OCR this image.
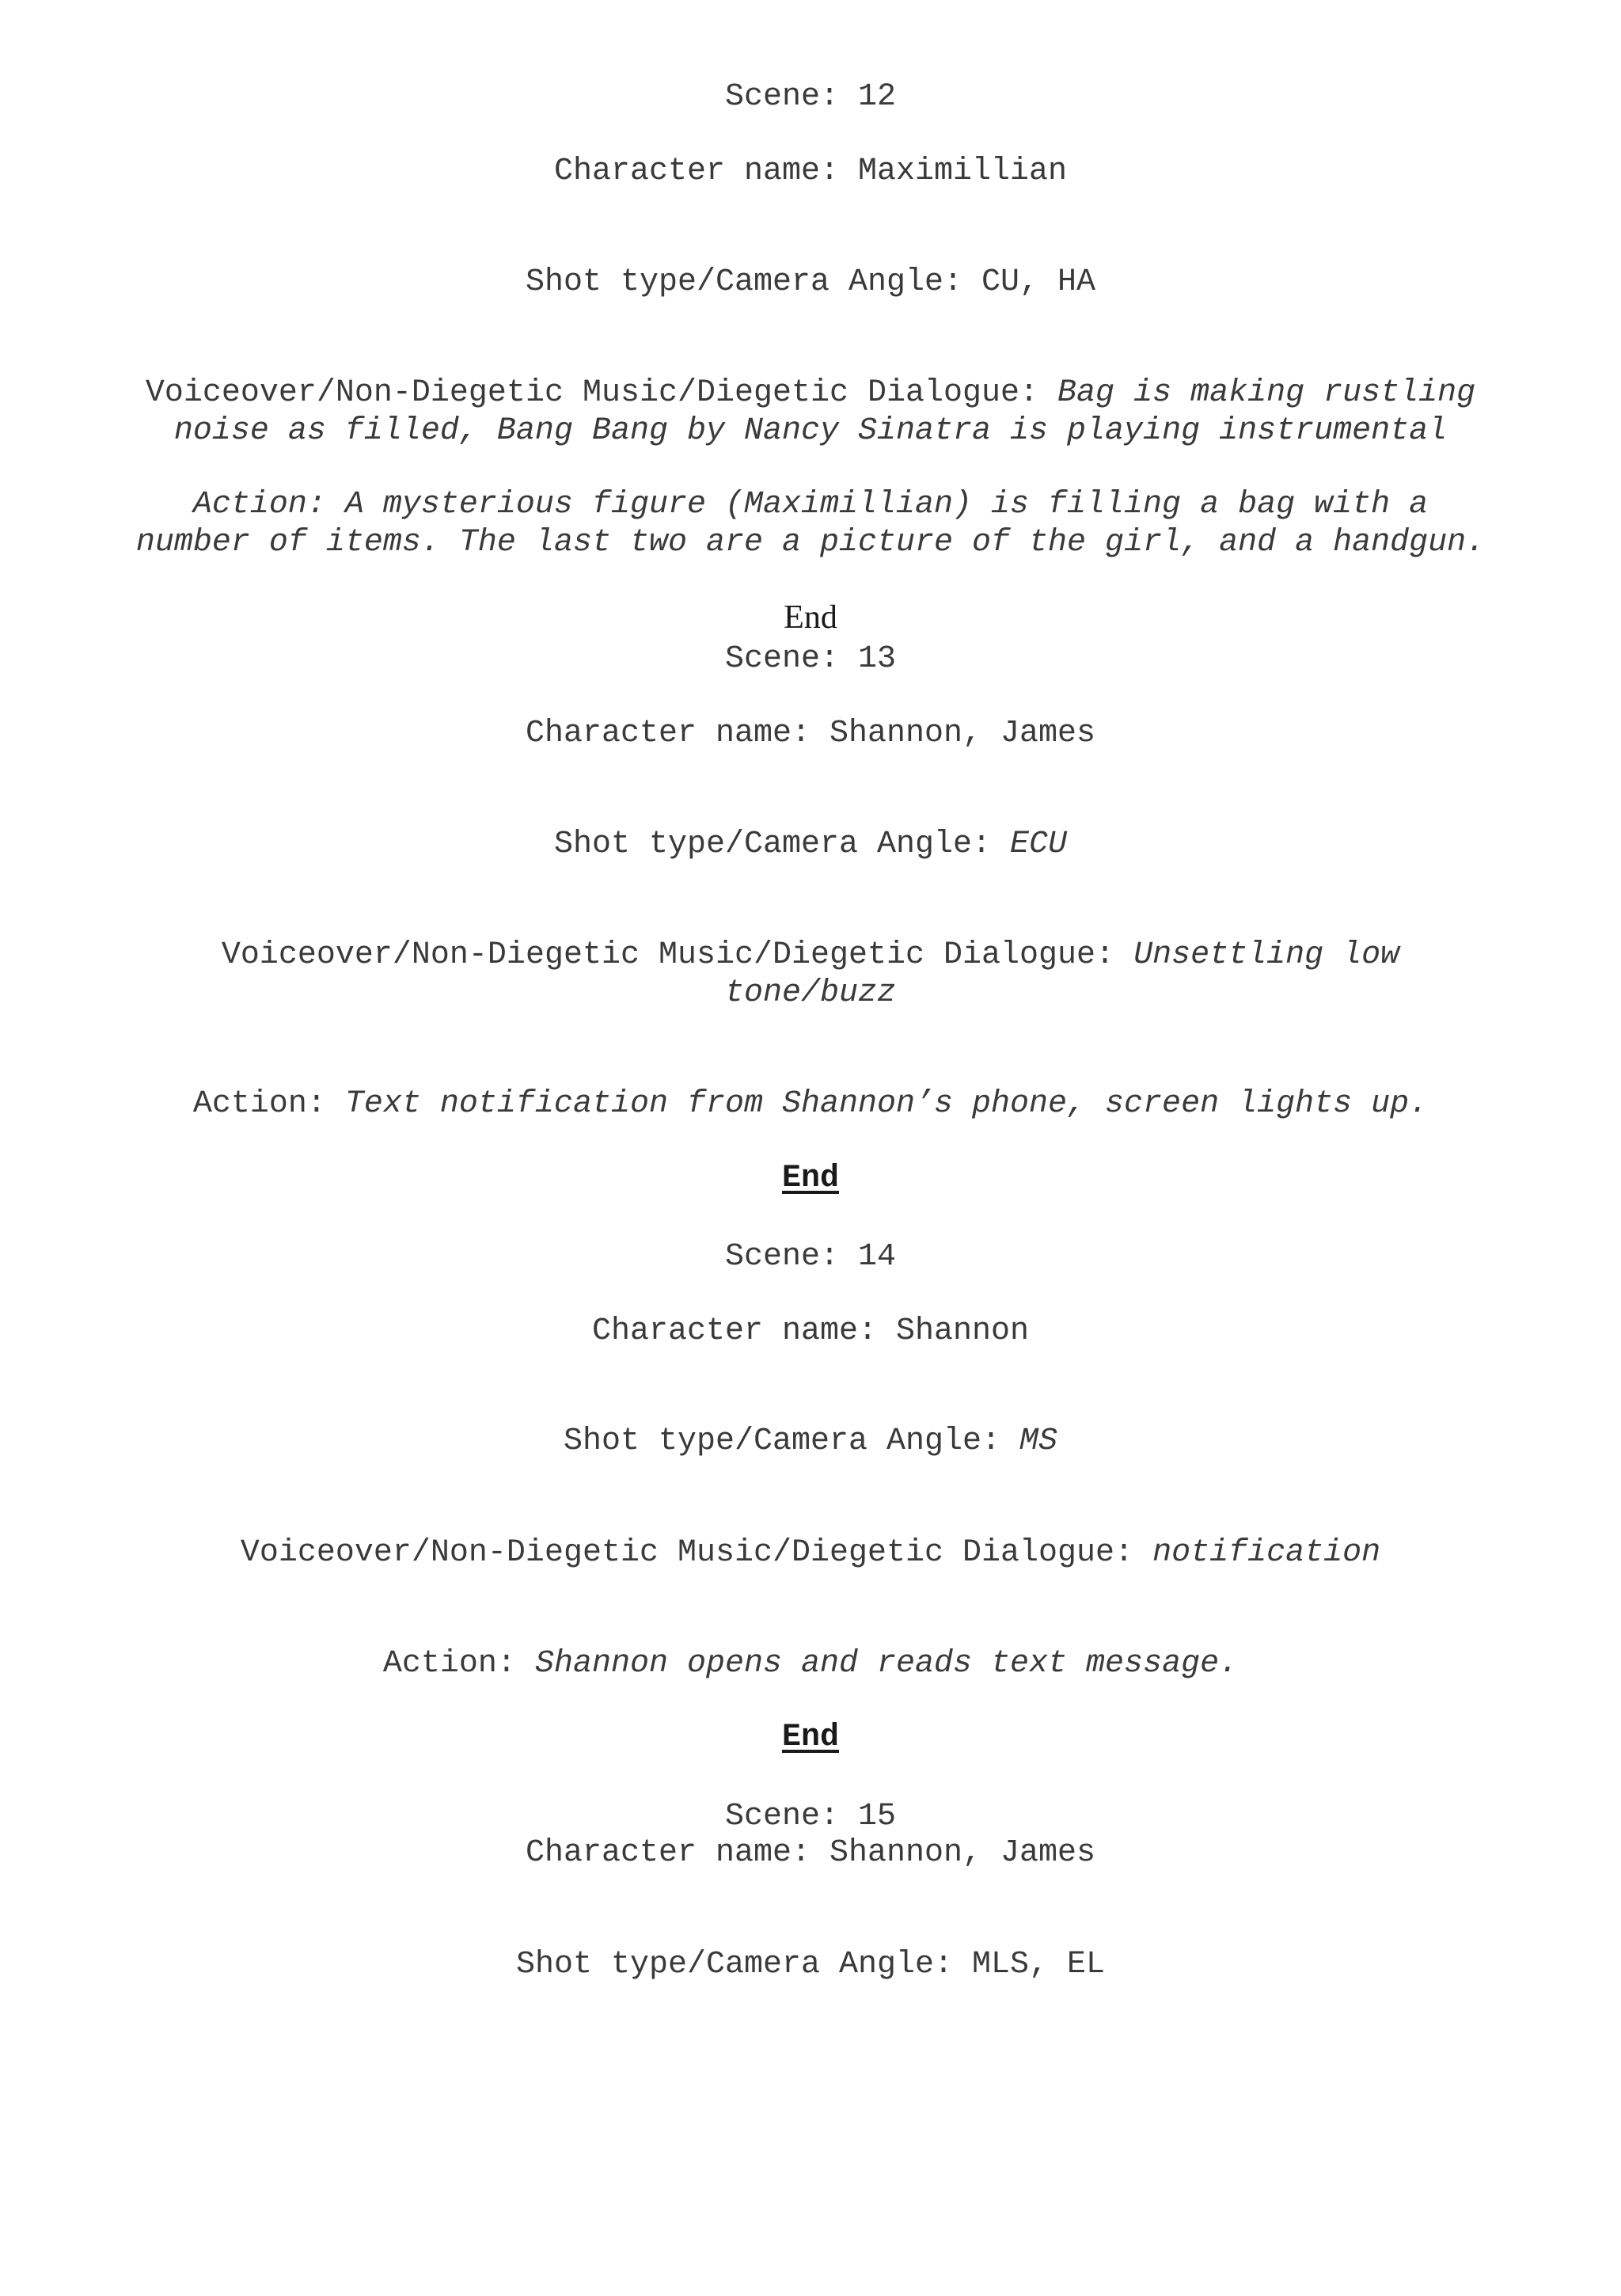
Scene: 12
Character name: Maximillian
Shot type/Camera Angle: CU, HA
Voiceover/Non-Diegetic Music/Diegetic Dialogue: Bag is making rustling
noise as filled, Bang Bang by Nancy Sinatra is playing instrumental
Action: A mysterious figure (Maximillian) is filling a bag with a
number of items. The last two are a picture of the girl, and a handgun.
End
Scene: 13
Character name: Shannon, James
Shot type/Camera Angle: ECU
Voiceover/Non-Diegetic Music/Diegetic Dialogue: Unsettling low
tone/buzz
Action: Text notification from Shannon’s phone, screen lights up.
End
Scene: 14
Character name: Shannon
Shot type/Camera Angle: MS
Voiceover/Non-Diegetic Music/Diegetic Dialogue: notification
Action: Shannon opens and reads text message.
End
Scene: 15
Character name: Shannon, James
Shot type/Camera Angle: MLS, EL
